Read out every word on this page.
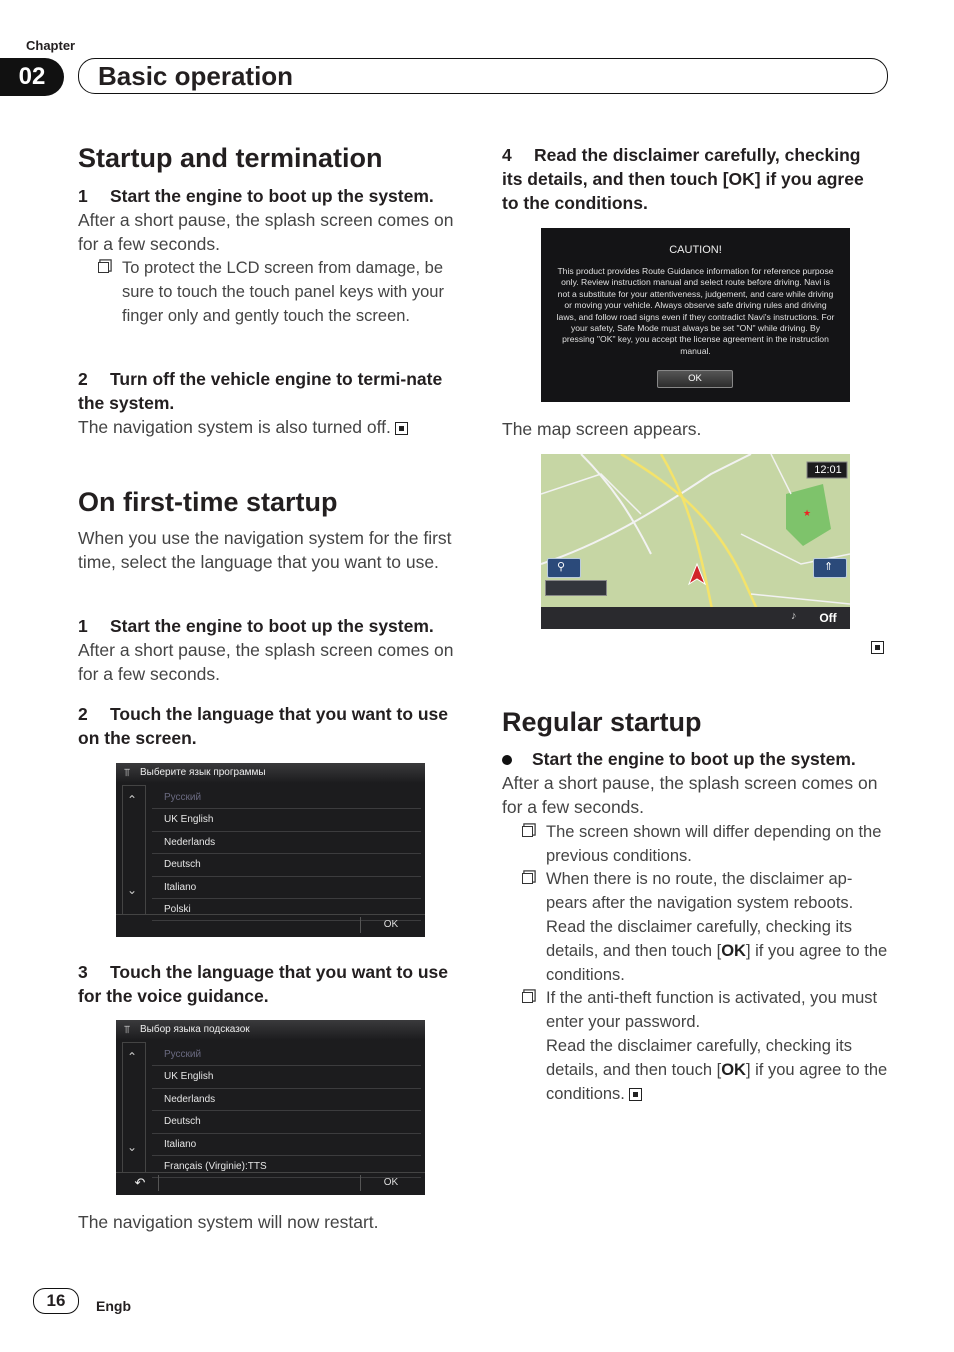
Chapter
02	Basic operation
Startup and termination
1 Start the engine to boot up the system.
After a short pause, the splash screen comes on for a few seconds.
To protect the LCD screen from damage, be sure to touch the touch panel keys with your finger only and gently touch the screen.
2 Turn off the vehicle engine to termi-nate the system.
The navigation system is also turned off.
On first-time startup
When you use the navigation system for the first time, select the language that you want to use.
1 Start the engine to boot up the system.
After a short pause, the splash screen comes on for a few seconds.
2 Touch the language that you want to use on the screen.
Выберите язык программы
⫪
⌃
⌄
Русский
UK English
Nederlands
Deutsch
Italiano
Polski
OK
3 Touch the language that you want to use for the voice guidance.
Выбор языка подсказок
⫪
⌃
⌄
Русский
UK English
Nederlands
Deutsch
Italiano
Français (Virginie):TTS
↶	OK
The navigation system will now restart.
4 Read the disclaimer carefully, checking its details, and then touch [OK] if you agree to the conditions.
CAUTION!
This product provides Route Guidance information for reference purpose only. Review instruction manual and select route before driving. Navi is not a substitute for your attentiveness, judgement, and care while driving or moving your vehicle. Always observe safe driving rules and driving laws, and follow road signs even if they contradict Navi's instructions. For your safety, Safe Mode must always be set "ON" while driving. By pressing "OK" key, you accept the license agreement in the instruction manual.
OK
The map screen appears.
★
12:01
⚲	⇑
Off
♪
Regular startup
Start the engine to boot up the system.
After a short pause, the splash screen comes on for a few seconds.
The screen shown will differ depending on the previous conditions.
When there is no route, the disclaimer ap-pears after the navigation system reboots.
Read the disclaimer carefully, checking its details, and then touch [OK] if you agree to the conditions.
If the anti-theft function is activated, you must enter your password.
Read the disclaimer carefully, checking its details, and then touch [OK] if you agree to the conditions.
16	Engb
